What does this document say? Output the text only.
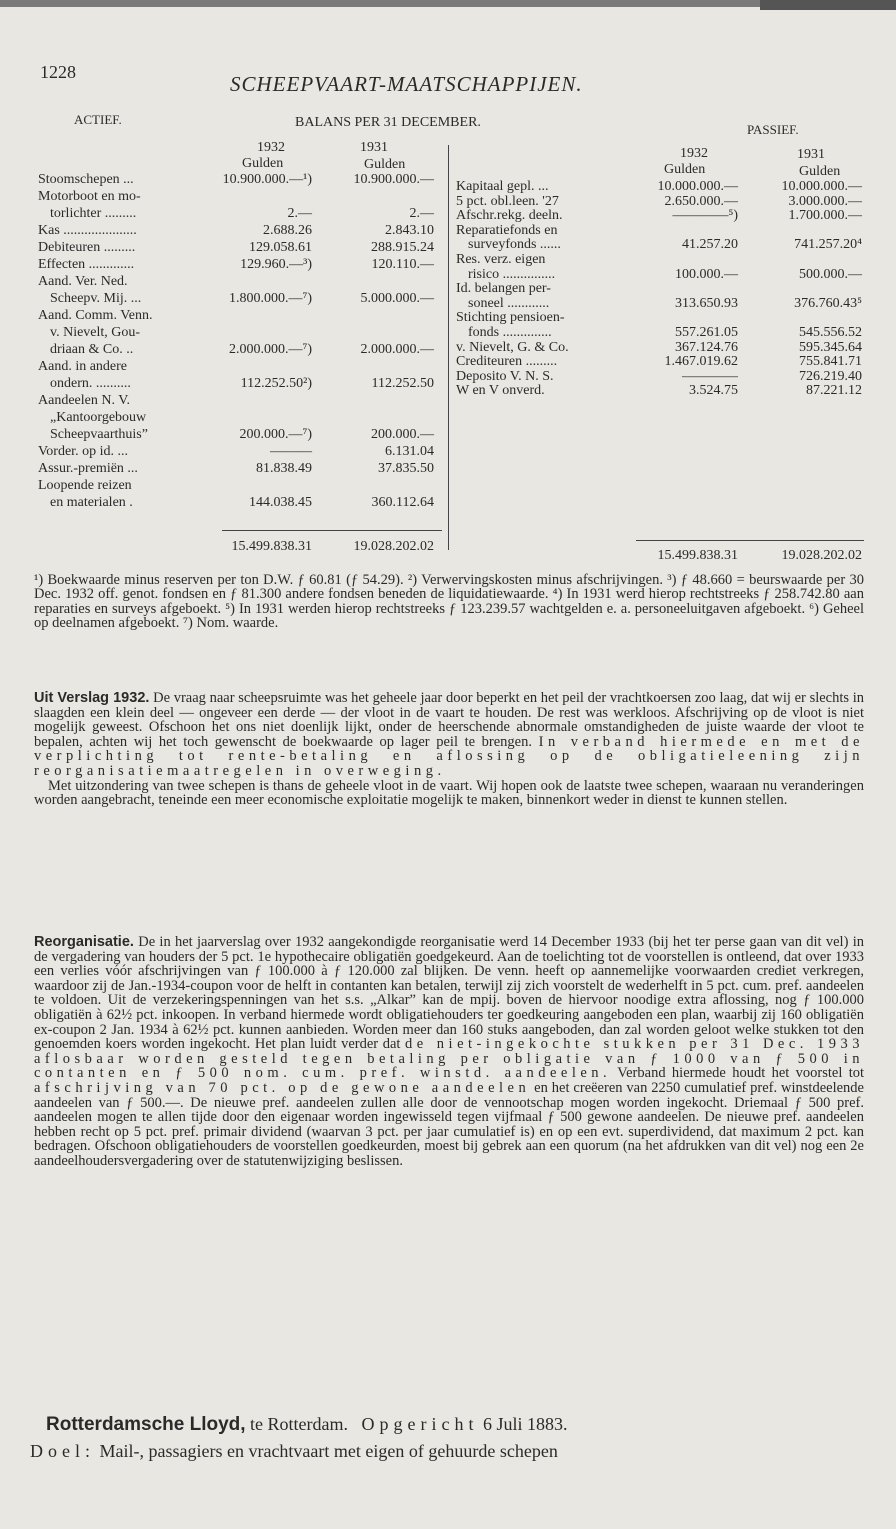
1228	SCHEEPVAART-MAATSCHAPPIJEN.
ACTIEF.	BALANS PER 31 DECEMBER.	PASSIEF.
1932	1931
Gulden	Gulden
1932	1931
Gulden	Gulden
Stoomschepen ...	10.900.000.—¹)	10.900.000.—
Motorboot en mo-
torlichter .........	2.—	2.—
Kas .....................	2.688.26	2.843.10
Debiteuren .........	129.058.61	288.915.24
Effecten .............	129.960.—³)	120.110.—
Aand. Ver. Ned.
Scheepv. Mij. ...	1.800.000.—⁷)	5.000.000.—
Aand. Comm. Venn.
v. Nievelt, Gou-
driaan & Co. ..	2.000.000.—⁷)	2.000.000.—
Aand. in andere
ondern. ..........	112.252.50²)	112.252.50
Aandeelen N. V.
„Kantoorgebouw
Scheepvaarthuis”	200.000.—⁷)	200.000.—
Vorder. op id. ...	———	6.131.04
Assur.-premiën ...	81.838.49	37.835.50
Loopende reizen
en materialen .	144.038.45	360.112.64
Kapitaal gepl. ...	10.000.000.—	10.000.000.—
5 pct. obl.leen. '27	2.650.000.—	3.000.000.—
Afschr.rekg. deeln.	————⁵)	1.700.000.—
Reparatiefonds en
surveyfonds ......	41.257.20	741.257.20⁴
Res. verz. eigen
risico ...............	100.000.—	500.000.—
Id. belangen per-
soneel ............	313.650.93	376.760.43⁵
Stichting pensioen-
fonds ..............	557.261.05	545.556.52
v. Nievelt, G. & Co.	367.124.76	595.345.64
Crediteuren .........	1.467.019.62	755.841.71
Deposito V. N. S.	————	726.219.40
W en V onverd.	3.524.75	87.221.12
15.499.838.31	19.028.202.02
15.499.838.31	19.028.202.02
¹) Boekwaarde minus reserven per ton D.W. ƒ 60.81 (ƒ 54.29). ²) Verwervingskosten minus afschrijvingen. ³) ƒ 48.660 = beurswaarde per 30 Dec. 1932 off. genot. fondsen en ƒ 81.300 andere fondsen beneden de liquidatiewaarde. ⁴) In 1931 werd hierop rechtstreeks ƒ 258.742.80 aan reparaties en surveys afgeboekt. ⁵) In 1931 werden hierop rechtstreeks ƒ 123.239.57 wachtgelden e. a. personeeluitgaven afgeboekt. ⁶) Geheel op deelnamen afgeboekt. ⁷) Nom. waarde.

Uit Verslag 1932. De vraag naar scheepsruimte was het geheele jaar door beperkt en het peil der vrachtkoersen zoo laag, dat wij er slechts in slaagden een klein deel — ongeveer een derde — der vloot in de vaart te houden. De rest was werkloos. Afschrijving op de vloot is niet mogelijk geweest. Ofschoon het ons niet doenlijk lijkt, onder de heerschende abnormale omstandigheden de juiste waarde der vloot te bepalen, achten wij het toch gewenscht de boekwaarde op lager peil te brengen. In verband hiermede en met de verplichting tot rente-betaling en aflossing op de obligatieleening zijn reorganisatiemaatregelen in overweging.

Met uitzondering van twee schepen is thans de geheele vloot in de vaart. Wij hopen ook de laatste twee schepen, waaraan nu veranderingen worden aangebracht, teneinde een meer economische exploitatie mogelijk te maken, binnenkort weder in dienst te kunnen stellen.

Reorganisatie. De in het jaarverslag over 1932 aangekondigde reorganisatie werd 14 December 1933 (bij het ter perse gaan van dit vel) in de vergadering van houders der 5 pct. 1e hypothecaire obligatiën goedgekeurd. Aan de toelichting tot de voorstellen is ontleend, dat over 1933 een verlies vóór afschrijvingen van ƒ 100.000 à ƒ 120.000 zal blijken. De venn. heeft op aannemelijke voorwaarden crediet verkregen, waardoor zij de Jan.-1934-coupon voor de helft in contanten kan betalen, terwijl zij zich voorstelt de wederhelft in 5 pct. cum. pref. aandeelen te voldoen. Uit de verzekeringspenningen van het s.s. „Alkar” kan de mpij. boven de hiervoor noodige extra aflossing, nog ƒ 100.000 obligatiën à 62½ pct. inkoopen. In verband hiermede wordt obligatiehouders ter goedkeuring aangeboden een plan, waarbij zij 160 obligatiën ex-coupon 2 Jan. 1934 à 62½ pct. kunnen aanbieden. Worden meer dan 160 stuks aangeboden, dan zal worden geloot welke stukken tot den genoemden koers worden ingekocht. Het plan luidt verder dat de niet-ingekochte stukken per 31 Dec. 1933 aflosbaar worden gesteld tegen betaling per obligatie van ƒ 1000 van ƒ 500 in contanten en ƒ 500 nom. cum. pref. winstd. aandeelen. Verband hiermede houdt het voorstel tot afschrijving van 70 pct. op de gewone aandeelen en het creëeren van 2250 cumulatief pref. winstdeelende aandeelen van ƒ 500.—. De nieuwe pref. aandeelen zullen alle door de vennootschap mogen worden ingekocht. Driemaal ƒ 500 pref. aandeelen mogen te allen tijde door den eigenaar worden ingewisseld tegen vijfmaal ƒ 500 gewone aandeelen. De nieuwe pref. aandeelen hebben recht op 5 pct. pref. primair dividend (waarvan 3 pct. per jaar cumulatief is) en op een evt. superdividend, dat maximum 2 pct. kan bedragen. Ofschoon obligatiehouders de voorstellen goedkeurden, moest bij gebrek aan een quorum (na het afdrukken van dit vel) nog een 2e aandeelhoudersvergadering over de statutenwijziging beslissen.

Rotterdamsche Lloyd, te Rotterdam. Opgericht 6 Juli 1883.
Doel: Mail-, passagiers en vrachtvaart met eigen of gehuurde schepen
